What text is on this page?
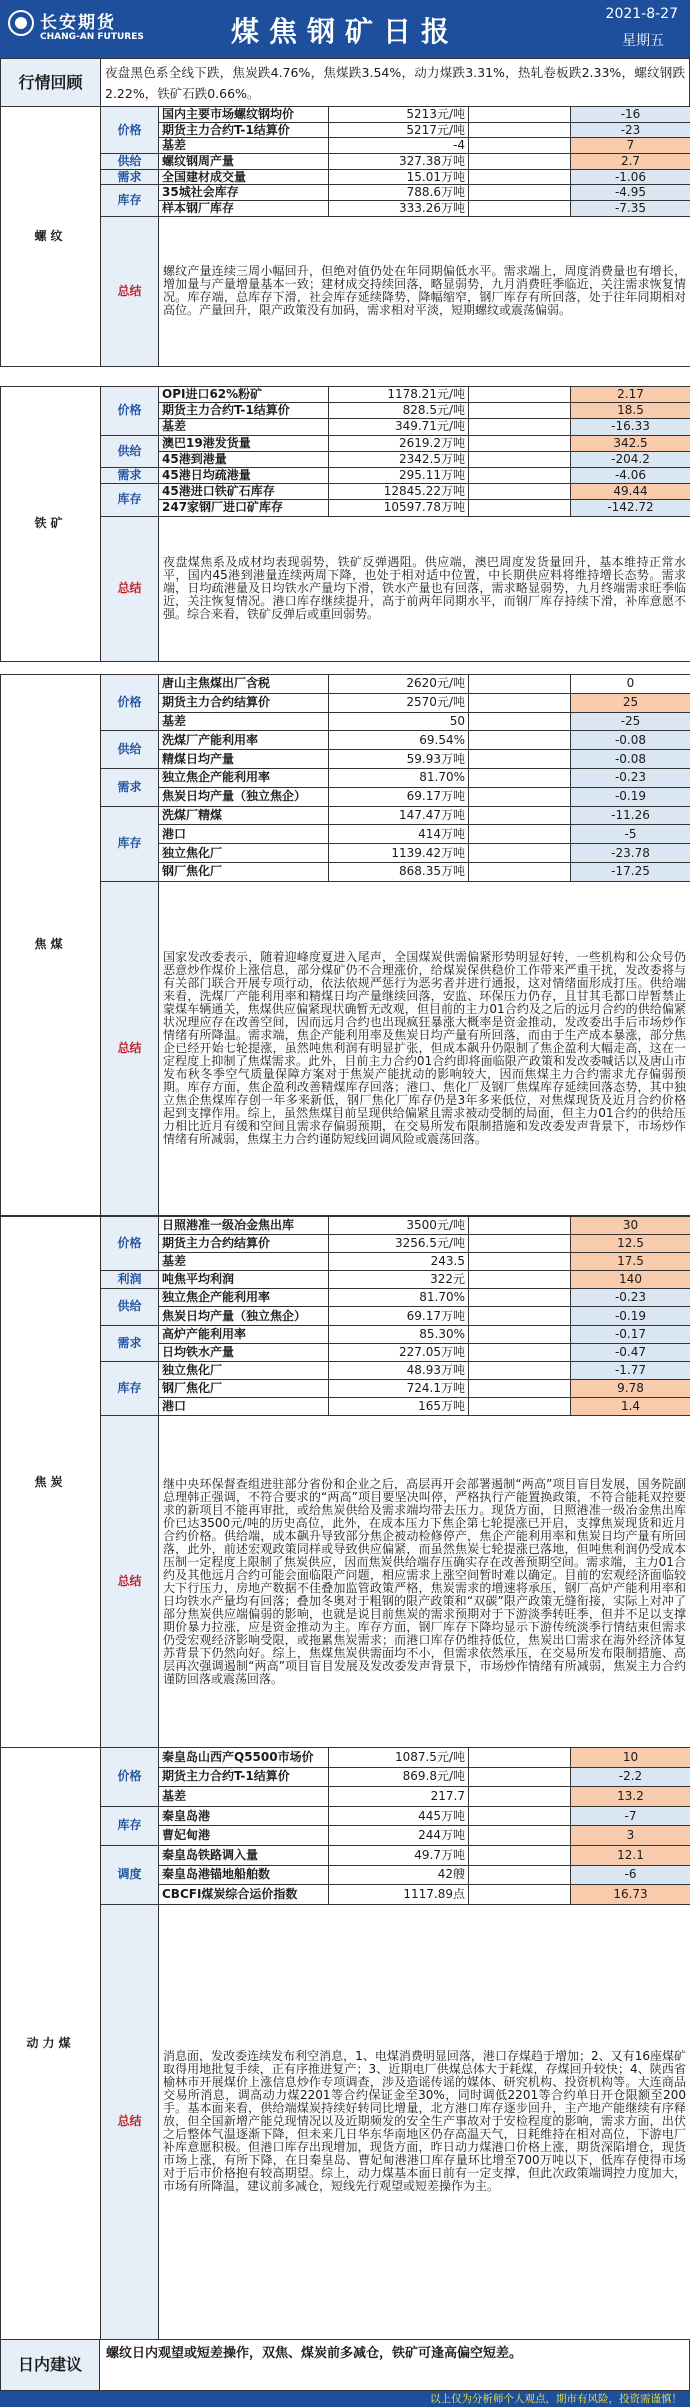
长安期货
CHANG-AN FUTURES	煤焦钢矿日报
2021-8-27
星期五
行情回顾	夜盘黑色系全线下跌，焦炭跌4.76%，焦煤跌3.54%，动力煤跌3.31%，热轧卷板跌2.33%，螺纹钢跌2.22%，铁矿石跌0.66%。
螺纹	价格	国内主要市场螺纹钢均价	5213元/吨		-16
		期货主力合约T-1结算价	5217元/吨		-23
		基差	-4		7
	供给	螺纹钢周产量	327.38万吨		2.7
	需求	全国建材成交量	15.01万吨		-1.06
	库存	35城社会库存	788.6万吨		-4.95
		样本钢厂库存	333.26万吨		-7.35
	总结	螺纹产量连续三周小幅回升，但绝对值仍处在年同期偏低水平。需求端上，周度消费量也有增长，增加量与产量增量基本一致；建材成交持续回落，略显弱势，九月消费旺季临近，关注需求恢复情况。库存端，总库存下滑，社会库存延续降势，降幅缩窄，钢厂库存有所回落，处于往年同期相对高位。产量回升，限产政策没有加码，需求相对平淡，短期螺纹或震荡偏弱。			
铁矿	价格	OPI进口62%粉矿	1178.21元/吨		2.17
		期货主力合约T-1结算价	828.5元/吨		18.5
		基差	349.71元/吨		-16.33
	供给	澳巴19港发货量	2619.2万吨		342.5
		45港到港量	2342.5万吨		-204.2
	需求	45港日均疏港量	295.11万吨		-4.06
	库存	45港进口铁矿石库存	12845.22万吨		49.44
		247家钢厂进口矿库存	10597.78万吨		-142.72
	总结	夜盘煤焦系及成材均表现弱势，铁矿反弹遇阻。供应端，澳巴周度发货量回升，基本维持正常水平，国内45港到港量连续两周下降，也处于相对适中位置，中长期供应料将维持增长态势。需求端，日均疏港量及日均铁水产量均下滑，铁水产量也有回落，需求略显弱势，九月终端需求旺季临近，关注恢复情况。港口库存继续提升，高于前两年同期水平，而钢厂库存持续下滑，补库意愿不强。综合来看，铁矿反弹后或重回弱势。			
焦煤	价格	唐山主焦煤出厂含税	2620元/吨		0
		期货主力合约结算价	2570元/吨		25
		基差	50		-25
	供给	洗煤厂产能利用率	69.54%		-0.08
		精煤日均产量	59.93万吨		-0.08
	需求	独立焦企产能利用率	81.70%		-0.23
		焦炭日均产量（独立焦企）	69.17万吨		-0.19
	库存	洗煤厂精煤	147.47万吨		-11.26
		港口	414万吨		-5
		独立焦化厂	1139.42万吨		-23.78
		钢厂焦化厂	868.35万吨		-17.25
	总结	国家发改委表示，随着迎峰度夏进入尾声，全国煤炭供需偏紧形势明显好转，一些机构和公众号仍恶意炒作煤价上涨信息，部分煤矿仍不合理涨价，给煤炭保供稳价工作带来严重干扰，发改委将与有关部门联合开展专项行动，依法依规严惩行为恶劣者并进行通报，这对情绪面形成打压。供给端来看，洗煤厂产能利用率和精煤日均产量继续回落，安监、环保压力仍存，且甘其毛都口岸暂禁止蒙煤车辆通关，焦煤供应偏紧现状确暂无改观，但目前的主力01合约及之后的远月合约的供给偏紧状况理应存在改善空间，因而远月合约也出现疯狂暴涨大概率是资金推动，发改委出手后市场炒作情绪有所降温。需求端，焦企产能利用率及焦炭日均产量有所回落，而由于生产成本暴涨，部分焦企已经开始七轮提涨，虽然吨焦利润有明显扩张，但成本飙升仍限制了焦企盈利大幅走高，这在一定程度上抑制了焦煤需求。此外，目前主力合约01合约即将面临限产政策和发改委喊话以及唐山市发布秋冬季空气质量保障方案对于焦炭产能扰动的影响较大，因而焦煤主力合约需求尤存偏弱预期。库存方面，焦企盈利改善精煤库存回落；港口、焦化厂及钢厂焦煤库存延续回落态势，其中独立焦企焦煤库存创一年多来新低，钢厂焦化厂库存仍是3年多来低位，对焦煤现货及近月合约价格起到支撑作用。综上，虽然焦煤目前呈现供给偏紧且需求被动受制的局面，但主力01合约的供给压力相比近月有缓和空间且需求存偏弱预期，在交易所发布限制措施和发改委发声背景下，市场炒作情绪有所减弱，焦煤主力合约谨防短线回调风险或震荡回落。			
焦炭	价格	日照港准一级冶金焦出库	3500元/吨		30
		期货主力合约结算价	3256.5元/吨		12.5
		基差	243.5		17.5
	利润	吨焦平均利润	322元		140
	供给	独立焦企产能利用率	81.70%		-0.23
		焦炭日均产量（独立焦企）	69.17万吨		-0.19
	需求	高炉产能利用率	85.30%		-0.17
		日均铁水产量	227.05万吨		-0.47
	库存	独立焦化厂	48.93万吨		-1.77
		钢厂焦化厂	724.1万吨		9.78
		港口	165万吨		1.4
	总结	继中央环保督查组进驻部分省份和企业之后，高层再开会部署遏制“两高”项目盲目发展，国务院副总理韩正强调，不符合要求的“两高”项目要坚决叫停，严格执行产能置换政策，不符合能耗双控要求的新项目不能再审批，或给焦炭供给及需求端均带去压力。现货方面，日照港准一级冶金焦出库价已达3500元/吨的历史高位，此外，在成本压力下焦企第七轮提涨已开启，支撑焦炭现货和近月合约价格。供给端，成本飙升导致部分焦企被动检修停产，焦企产能利用率和焦炭日均产量有所回落，此外，前述宏观政策同样或导致供应偏紧，而虽然焦炭七轮提涨已落地，但吨焦利润仍受成本压制一定程度上限制了焦炭供应，因而焦炭供给端存压确实存在改善预期空间。需求端，主力01合约及其他远月合约可能会面临限产问题，相应需求上涨空间暂时难以确定。目前的宏观经济面临较大下行压力，房地产数据不佳叠加监管政策严格，焦炭需求的增速将承压，钢厂高炉产能利用率和日均铁水产量均有回落；叠加冬奥对于粗钢的限产政策和“双碳”限产政策无缝衔接，实际上对冲了部分焦炭供应端偏弱的影响，也就是说目前焦炭的需求预期对于下游淡季转旺季，但并不足以支撑期价暴力拉涨，应是资金推动为主。库存方面，钢厂库存下降均显示下游传统淡季行情结束但需求仍受宏观经济影响受限，或拖累焦炭需求；而港口库存仍维持低位，焦炭出口需求在海外经济体复苏背景下仍然向好。综上，焦煤焦炭供需面均不小，但需求依然承压，在交易所发布限制措施、高层再次强调遏制“两高”项目盲目发展及发改委发声背景下，市场炒作情绪有所减弱，焦炭主力合约谨防回落或震荡回落。			
动力煤	价格	秦皇岛山西产Q5500市场价	1087.5元/吨		10
		期货主力合约T-1结算价	869.8元/吨		-2.2
		基差	217.7		13.2
	库存	秦皇岛港	445万吨		-7
		曹妃甸港	244万吨		3
	调度	秦皇岛铁路调入量	49.7万吨		12.1
		秦皇岛港锚地船舶数	42艘		-6
		CBCFI煤炭综合运价指数	1117.89点		16.73
	总结	消息面，发改委连续发布利空消息，1、电煤消费明显回落，港口存煤趋于增加；2、又有16座煤矿取得用地批复手续，正有序推进复产；3、近期电厂供煤总体大于耗煤，存煤回升较快；4、陕西省榆林市开展煤价上涨信息炒作专项调查，涉及造谣传谣的媒体、研究机构、投资机构等。大连商品交易所消息，调高动力煤2201等合约保证金至30%，同时调低2201等合约单日开仓限额至200手。基本面来看，供给端煤炭持续好转同比增量，北方港口库存逐步回升，主产地产能继续有序释放，但全国新增产能兑现情况以及近期频发的安全生产事故对于安检程度的影响，需求方面，出伏之后整体气温逐渐下降，但未来几日华东华南地区仍存高温天气，日耗维持在相对高位，下游电厂补库意愿积极。但港口库存出现增加，现货方面，昨日动力煤港口价格上涨，期货深陷增仓，现货市场上涨，有所下降，在日秦皇岛、曹妃甸港港口库存量环比增至700万吨以下，低库存使得市场对于后市价格抱有较高期望。综上，动力煤基本面日前有一定支撑，但此次政策端调控力度加大，市场有所降温，建议前多减仓，短线先行观望或短差操作为主。			
日内建议
螺纹日内观望或短差操作，双焦、煤炭前多减仓，铁矿可逢高偏空短差。
以上仅为分析师个人观点，期市有风险，投资需谨慎！
